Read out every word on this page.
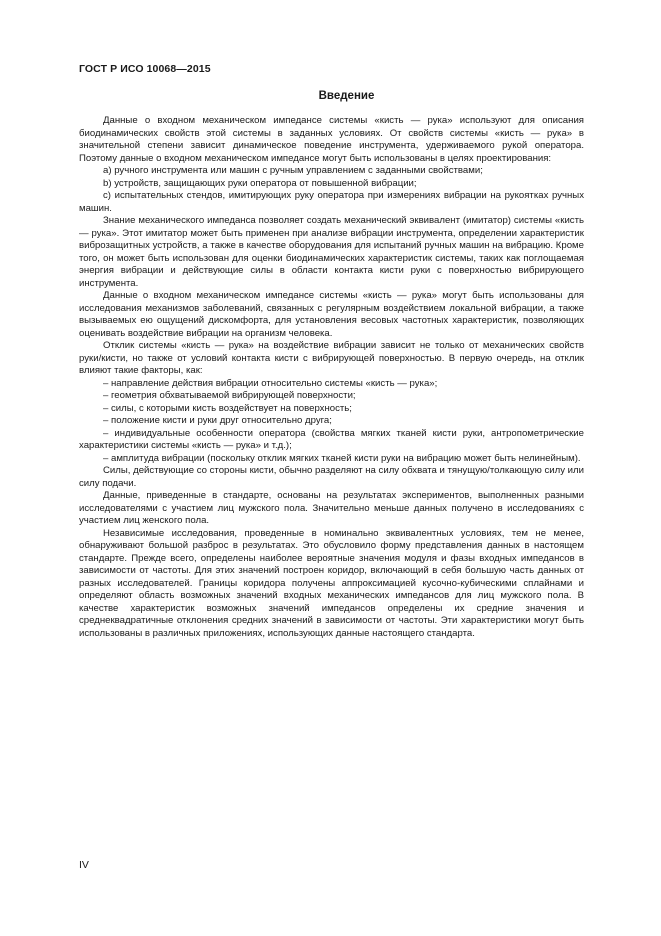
ГОСТ Р ИСО 10068—2015
Введение

Данные о входном механическом импедансе системы «кисть — рука» используют для описания биодинамических свойств этой системы в заданных условиях. От свойств системы «кисть — рука» в значительной степени зависит динамическое поведение инструмента, удерживаемого рукой оператора. Поэтому данные о входном механическом импедансе могут быть использованы в целях проектирования:

a) ручного инструмента или машин с ручным управлением с заданными свойствами;

b) устройств, защищающих руки оператора от повышенной вибрации;

c) испытательных стендов, имитирующих руку оператора при измерениях вибрации на рукоятках ручных машин.

Знание механического импеданса позволяет создать механический эквивалент (имитатор) системы «кисть — рука». Этот имитатор может быть применен при анализе вибрации инструмента, определении характеристик виброзащитных устройств, а также в качестве оборудования для испытаний ручных машин на вибрацию. Кроме того, он может быть использован для оценки биодинамических характеристик системы, таких как поглощаемая энергия вибрации и действующие силы в области контакта кисти руки с поверхностью вибрирующего инструмента.

Данные о входном механическом импедансе системы «кисть — рука» могут быть использованы для исследования механизмов заболеваний, связанных с регулярным воздействием локальной вибрации, а также вызываемых ею ощущений дискомфорта, для установления весовых частотных характеристик, позволяющих оценивать воздействие вибрации на организм человека.

Отклик системы «кисть — рука» на воздействие вибрации зависит не только от механических свойств руки/кисти, но также от условий контакта кисти с вибрирующей поверхностью. В первую очередь, на отклик влияют такие факторы, как:

– направление действия вибрации относительно системы «кисть — рука»;

– геометрия обхватываемой вибрирующей поверхности;

– силы, с которыми кисть воздействует на поверхность;

– положение кисти и руки друг относительно друга;

– индивидуальные особенности оператора (свойства мягких тканей кисти руки, антропометрические характеристики системы «кисть — рука» и т.д.);

– амплитуда вибрации (поскольку отклик мягких тканей кисти руки на вибрацию может быть нелинейным).

Силы, действующие со стороны кисти, обычно разделяют на силу обхвата и тянущую/толкающую силу или силу подачи.

Данные, приведенные в стандарте, основаны на результатах экспериментов, выполненных разными исследователями с участием лиц мужского пола. Значительно меньше данных получено в исследованиях с участием лиц женского пола.

Независимые исследования, проведенные в номинально эквивалентных условиях, тем не менее, обнаруживают большой разброс в результатах. Это обусловило форму представления данных в настоящем стандарте. Прежде всего, определены наиболее вероятные значения модуля и фазы входных импедансов в зависимости от частоты. Для этих значений построен коридор, включающий в себя большую часть данных от разных исследователей. Границы коридора получены аппроксимацией кусочно-кубическими сплайнами и определяют область возможных значений входных механических импедансов для лиц мужского пола. В качестве характеристик возможных значений импедансов определены их средние значения и среднеквадратичные отклонения средних значений в зависимости от частоты. Эти характеристики могут быть использованы в различных приложениях, использующих данные настоящего стандарта.

IV
